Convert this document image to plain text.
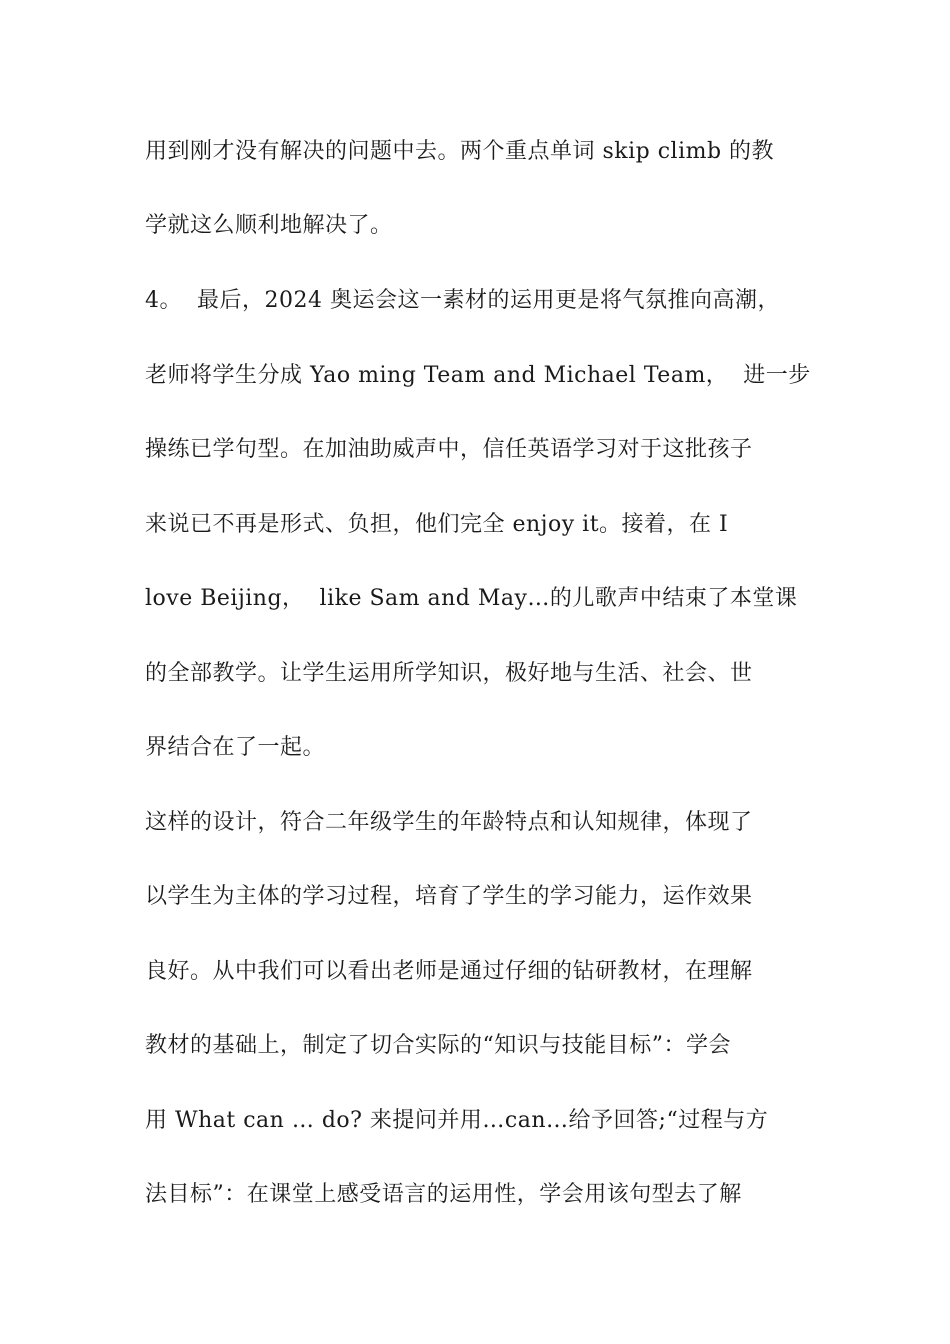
用到刚才没有解决的问题中去。两个重点单词 skip climb 的教
学就这么顺利地解决了。
4。  最后，2024 奥运会这一素材的运用更是将气氛推向高潮，
老师将学生分成 Yao ming Team and Michael Team，  进一步
操练已学句型。在加油助威声中，信任英语学习对于这批孩子
来说已不再是形式、负担，他们完全 enjoy it。接着，在 I
love Beijing，  like Sam and May…的儿歌声中结束了本堂课
的全部教学。让学生运用所学知识，极好地与生活、社会、世
界结合在了一起。
这样的设计，符合二年级学生的年龄特点和认知规律，体现了
以学生为主体的学习过程，培育了学生的学习能力，运作效果
良好。从中我们可以看出老师是通过仔细的钻研教材，在理解
教材的基础上，制定了切合实际的“知识与技能目标”：学会
用 What can … do? 来提问并用…can…给予回答;“过程与方
法目标”：在课堂上感受语言的运用性，学会用该句型去了解
